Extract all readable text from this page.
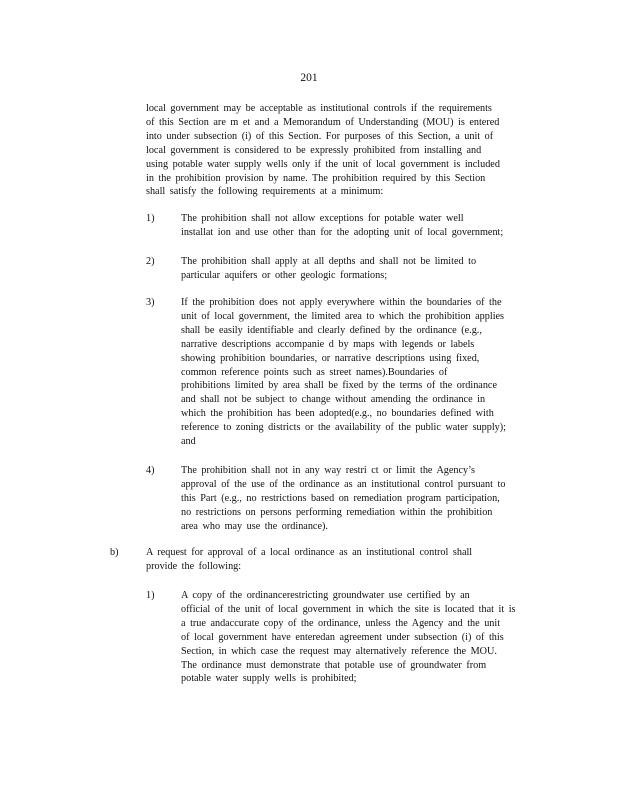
201
local government may be acceptable as institutional controls if the requirements
of this Section are m et and a Memorandum of Understanding (MOU) is entered
into under subsection (i) of this Section. For purposes of this Section, a unit of
local government is considered to be expressly prohibited from installing and
using potable water supply wells only if the unit of local government is included
in the prohibition provision by name. The prohibition required by this Section
shall satisfy the following requirements at a minimum:
1)	The prohibition shall not allow exceptions for potable water well
installat ion and use other than for the adopting unit of local government;
2)	The prohibition shall apply at all depths and shall not be limited to
particular aquifers or other geologic formations;
3)	If the prohibition does not apply everywhere within the boundaries of the
unit of local government, the limited area to which the prohibition applies
shall be easily identifiable and clearly defined by the ordinance (e.g.,
narrative descriptions accompanie d by maps with legends or labels
showing prohibition boundaries, or narrative descriptions using fixed,
common reference points such as street names).Boundaries of
prohibitions limited by area shall be fixed by the terms of the ordinance
and shall not be subject to change without amending the ordinance in
which the prohibition has been adopted(e.g., no boundaries defined with
reference to zoning districts or the availability of the public water supply);
and
4)	The prohibition shall not in any way restri ct or limit the Agency’s
approval of the use of the ordinance as an institutional control pursuant to
this Part (e.g., no restrictions based on remediation program participation,
no restrictions on persons performing remediation within the prohibition
area who may use the ordinance).
b)	A request for approval of a local ordinance as an institutional control shall
provide the following:
1)	A copy of the ordinancerestricting groundwater use certified by an
official of the unit of local government in which the site is located that it is
a true andaccurate copy of the ordinance, unless the Agency and the unit
of local government have enteredan agreement under subsection (i) of this
Section, in which case the request may alternatively reference the MOU.
The ordinance must demonstrate that potable use of groundwater from
potable water supply wells is prohibited;
